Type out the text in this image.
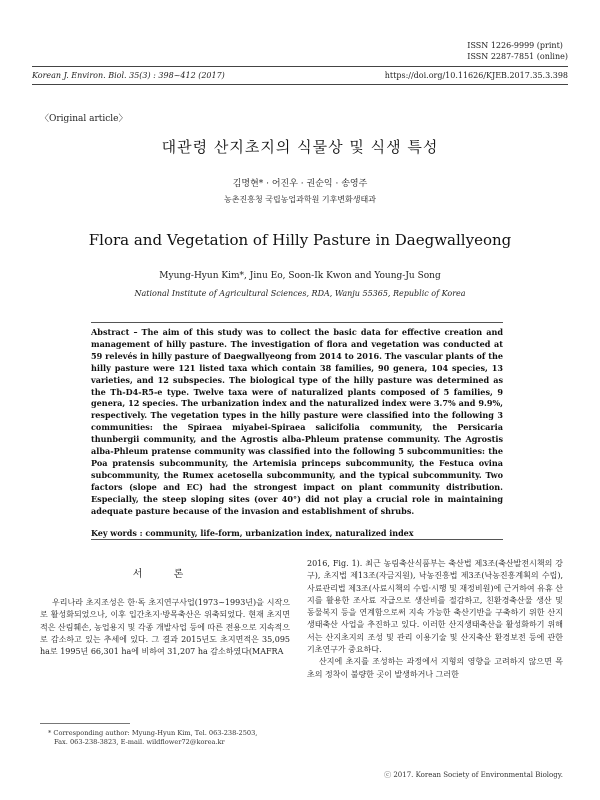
ISSN 1226-9999 (print)
ISSN 2287-7851 (online)
Korean J. Environ. Biol. 35(3) : 398~412 (2017)	https://doi.org/10.11626/KJEB.2017.35.3.398
〈Original article〉
대관령 산지초지의 식물상 및 식생 특성
김명현* · 어진우 · 권순익 · 송영주
농촌진흥청 국립농업과학원 기후변화생태과
Flora and Vegetation of Hilly Pasture in Daegwallyeong
Myung-Hyun Kim*, Jinu Eo, Soon-Ik Kwon and Young-Ju Song
National Institute of Agricultural Sciences, RDA, Wanju 55365, Republic of Korea

Abstract – The aim of this study was to collect the basic data for effective creation and management of hilly pasture. The investigation of flora and vegetation was conducted at 59 relevés in hilly pasture of Daegwallyeong from 2014 to 2016. The vascular plants of the hilly pasture were 121 listed taxa which contain 38 families, 90 genera, 104 species, 13 varieties, and 12 subspecies. The biological type of the hilly pasture was determined as the Th-D4-R5-e type. Twelve taxa were of naturalized plants composed of 5 families, 9 genera, 12 species. The urbanization index and the naturalized index were 3.7% and 9.9%, respectively. The vegetation types in the hilly pasture were classified into the following 3 communities: the Spiraea miyabei-Spiraea salicifolia community, the Persicaria thunbergii community, and the Agrostis alba-Phleum pratense community. The Agrostis alba-Phleum pratense community was classified into the following 5 subcommunities: the Poa pratensis subcommunity, the Artemisia princeps subcommunity, the Festuca ovina subcommunity, the Rumex acetosella subcommunity, and the typical subcommunity. Two factors (slope and EC) had the strongest impact on plant community distribution. Especially, the steep sloping sites (over 40°) did not play a crucial role in maintaining adequate pasture because of the invasion and establishment of shrubs.

Key words : community, life-form, urbanization index, naturalized index
서 론

우리나라 초지조성은 한·독 초지연구사업(1973~1993년)을 시작으로 활성화되었으나, 이후 입간초지·방목축산은 위축되었다. 현재 초지면적은 산림훼손, 농업용지 및 각종 개발사업 등에 따른 전용으로 지속적으로 감소하고 있는 추세에 있다. 그 결과 2015년도 초지면적은 35,095 ha로 1995년 66,301 ha에 비하여 31,207 ha 감소하였다(MAFRA

2016, Fig. 1). 최근 농림축산식품부는 축산법 제3조(축산발전시책의 강구), 초지법 제13조(자금지원), 낙농진흥법 제3조(낙농진흥계획의 수립), 사료관리법 제3조(사료시책의 수립·시행 및 재정비원)에 근거하여 유휴 산지를 활용한 조사료 자급으로 생산비를 절감하고, 친환경축산물 생산 및 동물복지 등을 연계함으로써 지속 가능한 축산기반을 구축하기 위한 산지생태축산 사업을 추진하고 있다. 이러한 산지생태축산을 활성화하기 위해서는 산지초지의 조성 및 관리 이용기술 및 산지축산 환경보전 등에 관한 기초연구가 중요하다.

산지에 초지를 조성하는 과정에서 지형의 영향을 고려하지 않으면 목초의 정착이 불량한 곳이 발생하거나 그러한

* Corresponding author: Myung-Hyun Kim, Tel. 063-238-2503,
Fax. 063-238-3823, E-mail. wildflower72@korea.kr
ⓒ 2017. Korean Society of Environmental Biology.
